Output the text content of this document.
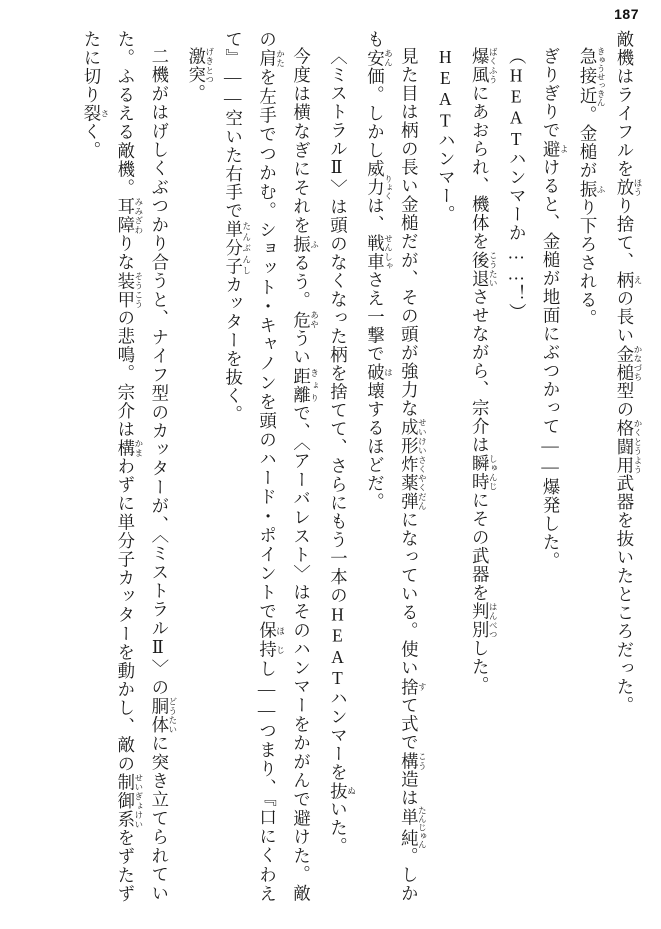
187

敵機はライフルを放 ほうり捨て、柄 えの長い金槌 かなづち型の格闘用 かくとうよう武器を抜いたところだった。

急接近 きゅうせっきん。金槌が振 ふり下ろされる。

ぎりぎりで避 よけると、金槌が地面にぶつかって――爆発した。

（HEATハンマーか……！）

爆風 ばくふうにあおられ、機体を後退 こうたいさせながら、宗介は瞬時 しゅんじにその武器を判別 はんべつした。

HEATハンマー。

見た目は柄の長い金槌だが、その頭が強力な成形炸薬弾 せいけいさくやくだんになっている。使い捨 すて式で構 こう造は単純 たんじゅん。しかも安 あん価。しかし威力 りょくは、戦車 せんしゃさえ一撃で破 は壊するほどだ。

〈ミストラルⅡ〉は頭のなくなった柄を捨てて、さらにもう一本のHEATハンマーを抜 ぬいた。

今度は横なぎにそれを振 ふるう。危 あやうい距離 きょりで、〈アーバレスト〉はそのハンマーをかがんで避けた。敵の肩 かたを左手でつかむ。ショット・キャノンを頭のハード・ポイントで保持 ほじし――つまり、『口にくわえて』――空いた右手で単分子 たんぶんしカッターを抜く。

激突 げきとつ。

二機がはげしくぶつかり合うと、ナイフ型のカッターが、〈ミストラルⅡ〉の胴体 どうたいに突き立てられていた。ふるえる敵機。耳障 みみざわりな装甲 そうこうの悲鳴。宗介は構 かまわずに単分子カッターを動かし、敵の制御系 せいぎょけいをずたずたに切り裂 さく。
